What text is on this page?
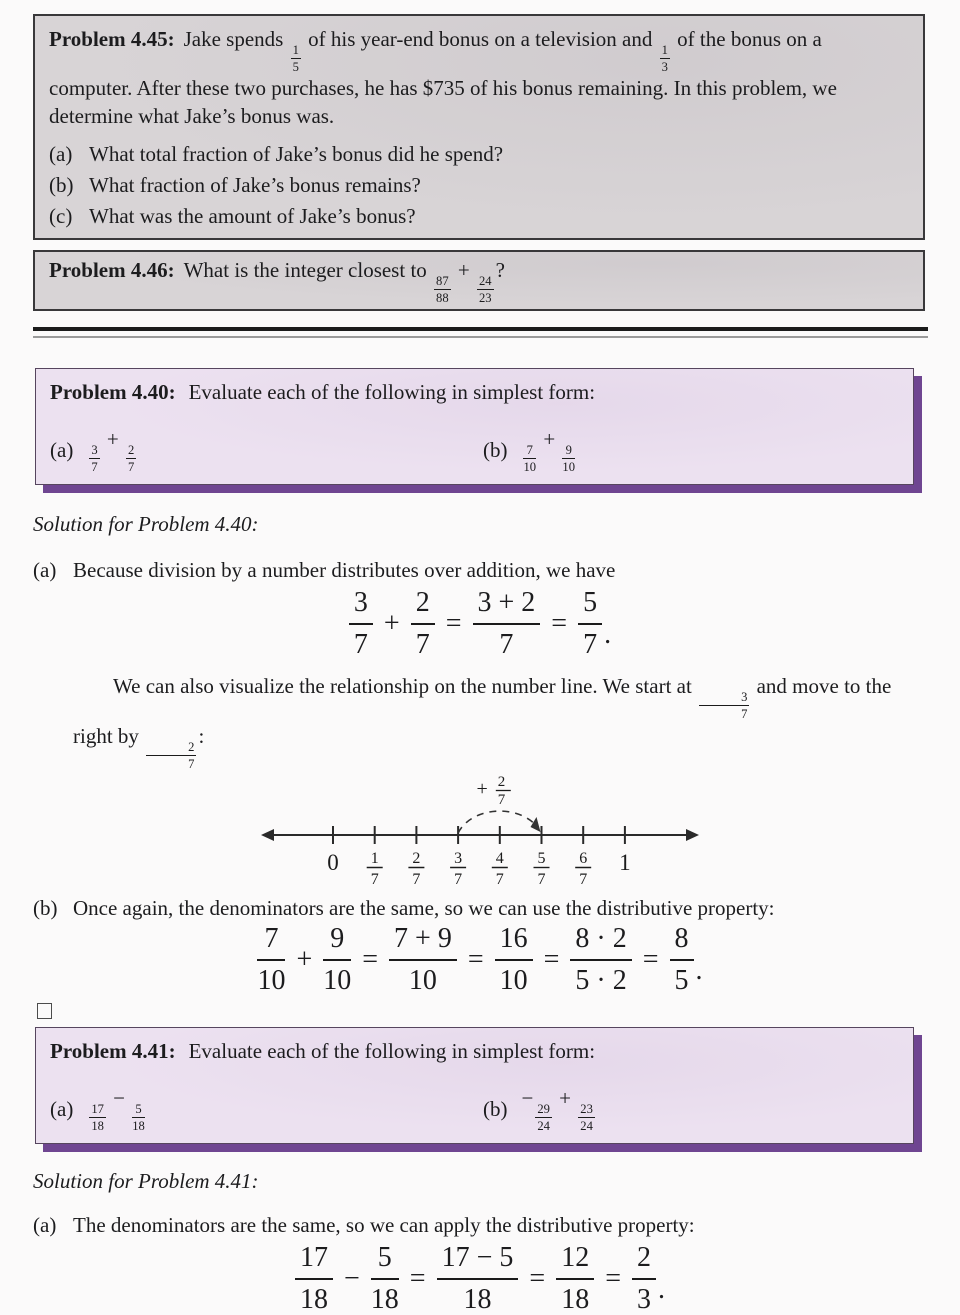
Problem 4.45: Jake spends
$\frac{1}{5}$
of his year-end bonus on a television and
$\frac{1}{3}$
of the bonus on a computer. After these two purchases, he has $735 of his bonus remaining. In this problem, we determine what Jake’s bonus was.

(a) What total fraction of Jake’s bonus did he spend?
(b) What fraction of Jake’s bonus remains?
(c) What was the amount of Jake’s bonus?

Problem 4.46: What is the integer closest to
$\frac{87}{88}$
+
$\frac{24}{23}$
?

Problem 4.40: Evaluate each of the following in simplest form:
$(a) \frac{3}{7}$
+
$\frac{2}{7}$	$(b) \frac{7}{10}$
+
$\frac{9}{10}$

Solution for Problem 4.40:

(a) Because division by a number distributes over addition, we have
3
7
+ $\frac{2}{7} = \frac{3 + 2}{7} = \frac{5}{7}$ .

We can also visualize the relationship on the number line. We start at
$\frac{3}{7}$
and move to the right by
$\frac{2}{7}$
:

0 1
7
2
7
3
7
4
7
5
7
6
7
1
+ 2
7
(b) Once again, the denominators are the same, so we can use the distributive property:
7
10
+ $\frac{9}{10} = \frac{7 + 9}{10} = \frac{16}{10} = \frac{8 \cdot 2}{5 \cdot 2} = \frac{8}{5}$ .
Problem 4.41: Evaluate each of the following in simplest form:
$(a) \frac{17}{18}$
−
$\frac{5}{18}$	(b) −
$\frac{29}{24}$
+
$\frac{23}{24}$

Solution for Problem 4.41:

(a) The denominators are the same, so we can apply the distributive property:
17
18
− $\frac{5}{18} = \frac{17 - 5}{18} = \frac{12}{18} = \frac{2}{3}$ .
